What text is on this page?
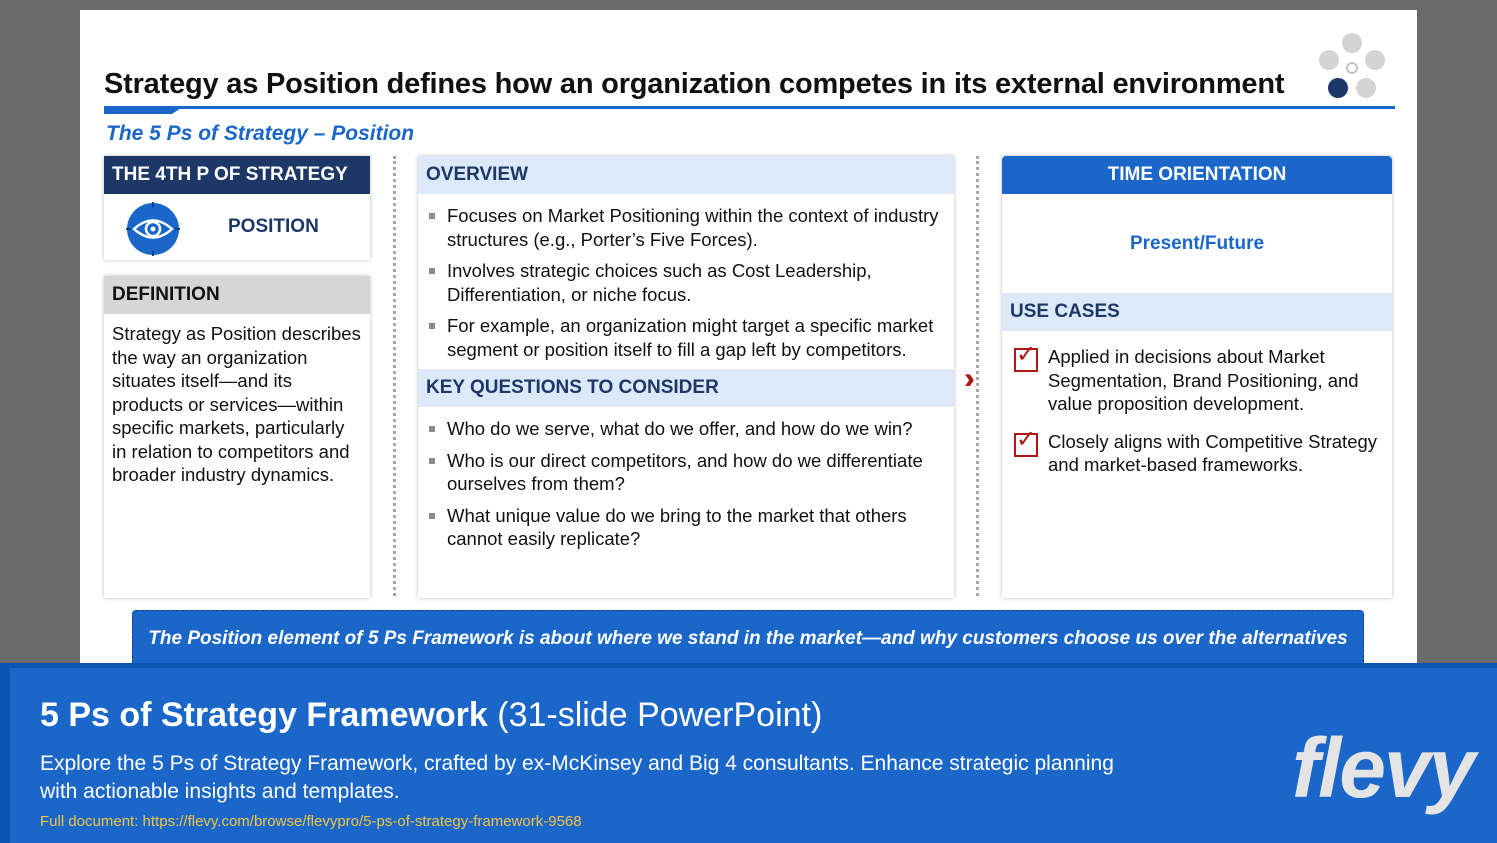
Strategy as Position defines how an organization competes in its external environment
The 5 Ps of Strategy – Position
THE 4TH P OF STRATEGY
POSITION
DEFINITION
Strategy as Position describes the way an organization situates itself—and its products or services—within specific markets, particularly in relation to competitors and broader industry dynamics.
OVERVIEW
Focuses on Market Positioning within the context of industry structures (e.g., Porter’s Five Forces).
Involves strategic choices such as Cost Leadership, Differentiation, or niche focus.
For example, an organization might target a specific market segment or position itself to fill a gap left by competitors.
KEY QUESTIONS TO CONSIDER
Who do we serve, what do we offer, and how do we win?
Who is our direct competitors, and how do we differentiate ourselves from them?
What unique value do we bring to the market that others cannot easily replicate?
››
TIME ORIENTATION
Present/Future
USE CASES
✓ Applied in decisions about Market Segmentation, Brand Positioning, and value proposition development.
✓ Closely aligns with Competitive Strategy and market-based frameworks.
The Position element of 5 Ps Framework is about where we stand in the market—and why customers choose us over the alternatives
5 Ps of Strategy Framework (31-slide PowerPoint)
Explore the 5 Ps of Strategy Framework, crafted by ex-McKinsey and Big 4 consultants. Enhance strategic planning with actionable insights and templates.
Full document: https://flevy.com/browse/flevypro/5-ps-of-strategy-framework-9568
flevy
